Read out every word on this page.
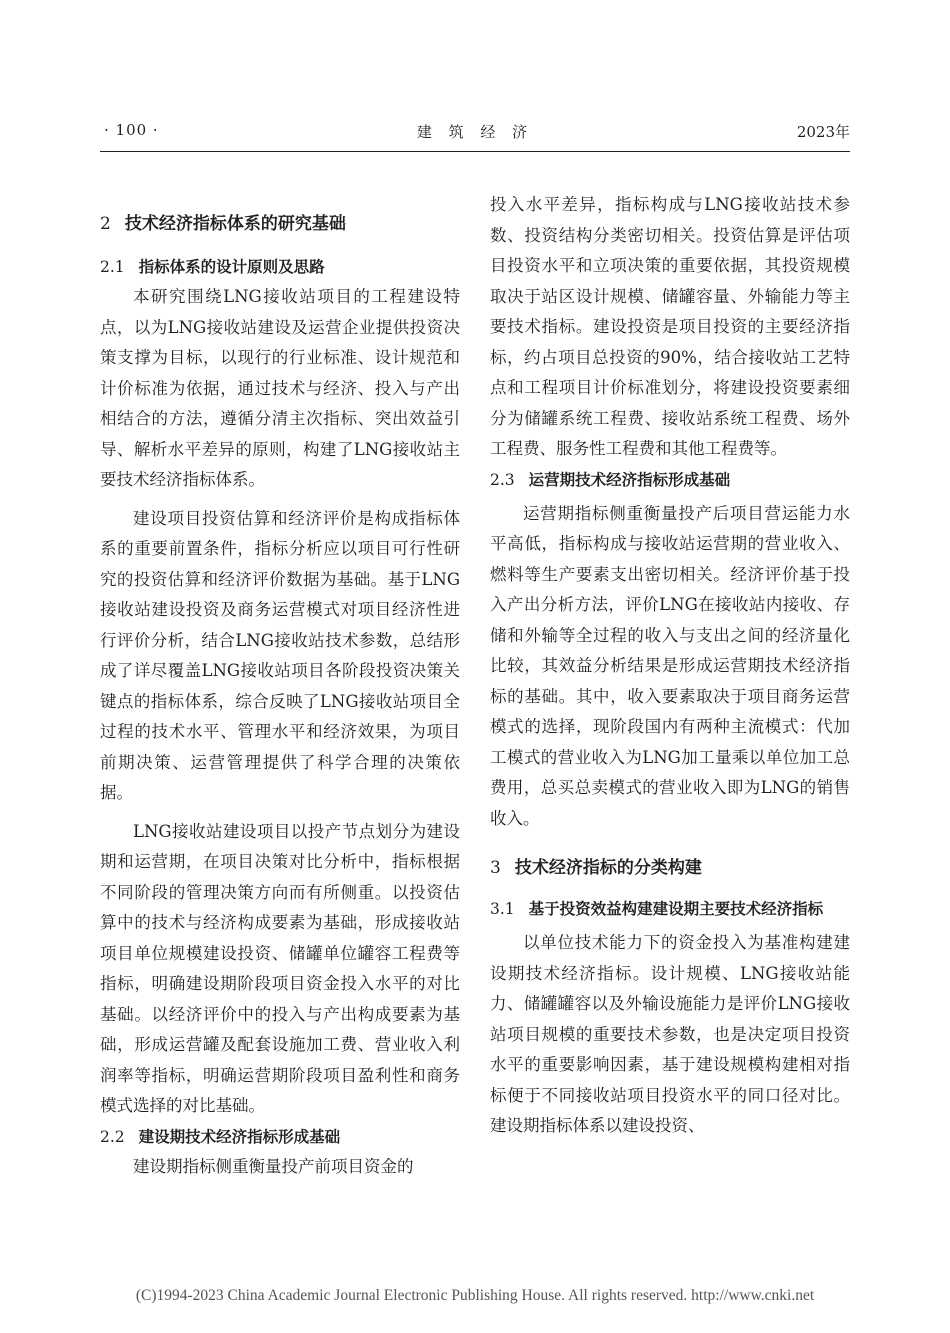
· 100 ·	建 筑 经 济	2023年
2 技术经济指标体系的研究基础
2.1 指标体系的设计原则及思路

本研究围绕LNG接收站项目的工程建设特点，以为LNG接收站建设及运营企业提供投资决策支撑为目标，以现行的行业标准、设计规范和计价标准为依据，通过技术与经济、投入与产出相结合的方法，遵循分清主次指标、突出效益引导、解析水平差异的原则，构建了LNG接收站主要技术经济指标体系。

建设项目投资估算和经济评价是构成指标体系的重要前置条件，指标分析应以项目可行性研究的投资估算和经济评价数据为基础。基于LNG接收站建设投资及商务运营模式对项目经济性进行评价分析，结合LNG接收站技术参数，总结形成了详尽覆盖LNG接收站项目各阶段投资决策关键点的指标体系，综合反映了LNG接收站项目全过程的技术水平、管理水平和经济效果，为项目前期决策、运营管理提供了科学合理的决策依据。

LNG接收站建设项目以投产节点划分为建设期和运营期，在项目决策对比分析中，指标根据不同阶段的管理决策方向而有所侧重。以投资估算中的技术与经济构成要素为基础，形成接收站项目单位规模建设投资、储罐单位罐容工程费等指标，明确建设期阶段项目资金投入水平的对比基础。以经济评价中的投入与产出构成要素为基础，形成运营罐及配套设施加工费、营业收入利润率等指标，明确运营期阶段项目盈利性和商务模式选择的对比基础。

2.2 建设期技术经济指标形成基础

建设期指标侧重衡量投产前项目资金的

投入水平差异，指标构成与LNG接收站技术参数、投资结构分类密切相关。投资估算是评估项目投资水平和立项决策的重要依据，其投资规模取决于站区设计规模、储罐容量、外输能力等主要技术指标。建设投资是项目投资的主要经济指标，约占项目总投资的90%，结合接收站工艺特点和工程项目计价标准划分，将建设投资要素细分为储罐系统工程费、接收站系统工程费、场外工程费、服务性工程费和其他工程费等。

2.3 运营期技术经济指标形成基础

运营期指标侧重衡量投产后项目营运能力水平高低，指标构成与接收站运营期的营业收入、燃料等生产要素支出密切相关。经济评价基于投入产出分析方法，评价LNG在接收站内接收、存储和外输等全过程的收入与支出之间的经济量化比较，其效益分析结果是形成运营期技术经济指标的基础。其中，收入要素取决于项目商务运营模式的选择，现阶段国内有两种主流模式：代加工模式的营业收入为LNG加工量乘以单位加工总费用，总买总卖模式的营业收入即为LNG的销售收入。

3 技术经济指标的分类构建
3.1 基于投资效益构建建设期主要技术经济指标

以单位技术能力下的资金投入为基准构建建设期技术经济指标。设计规模、LNG接收站能力、储罐罐容以及外输设施能力是评价LNG接收站项目规模的重要技术参数，也是决定项目投资水平的重要影响因素，基于建设规模构建相对指标便于不同接收站项目投资水平的同口径对比。建设期指标体系以建设投资、

(C)1994-2023 China Academic Journal Electronic Publishing House. All rights reserved. http://www.cnki.net
